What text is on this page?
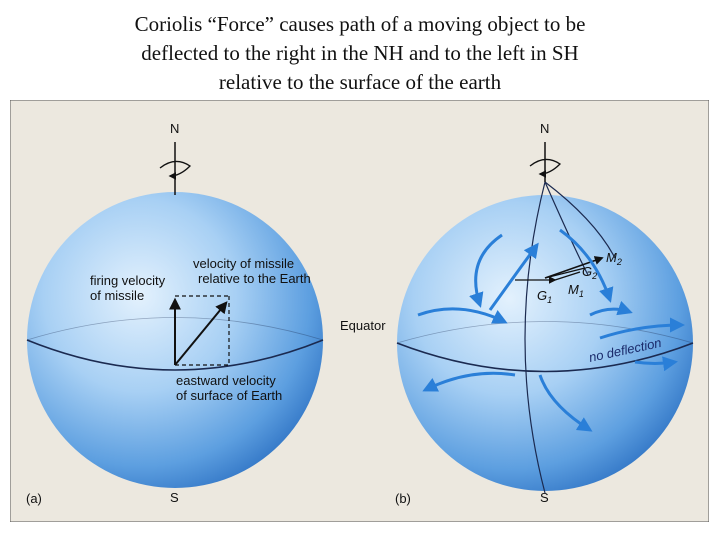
Coriolis “Force” causes path of a moving object to be
deflected to the right in the NH and to the left in SH
relative to the surface of the earth
N
S
(a)
firing velocity of missile
velocity of missile relative to the Earth
eastward velocity of surface of Earth
Equator
N
S
(b)
$M_2$
$G_2$
$G_1$
$M_1$
no deflection
